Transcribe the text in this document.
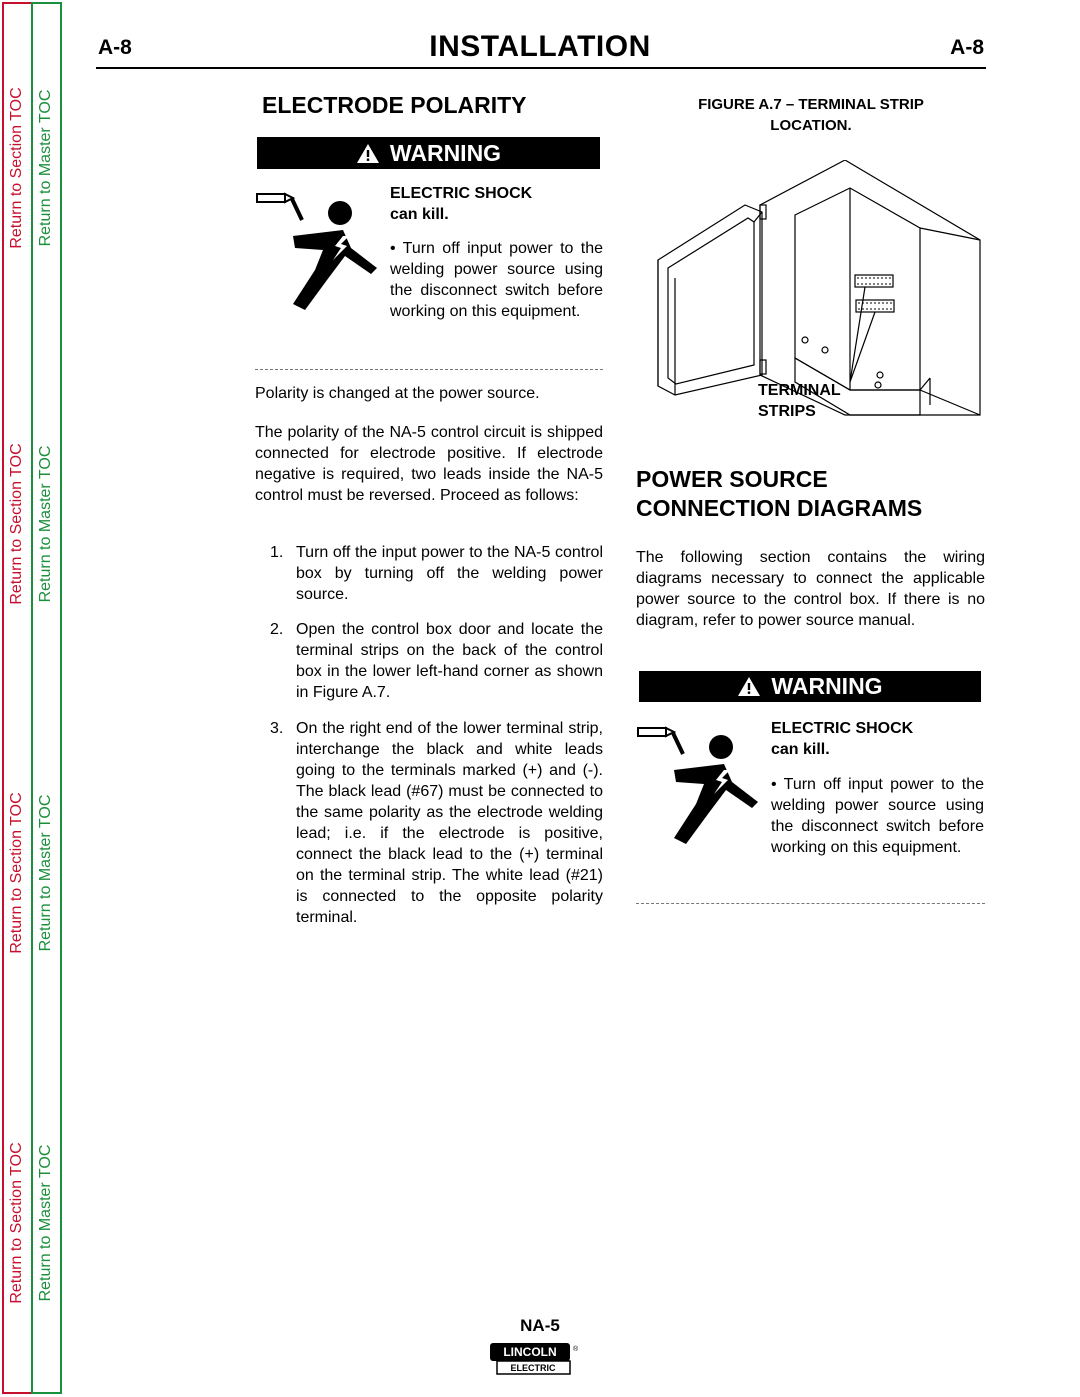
Return to Section TOC
Return to Section TOC
Return to Section TOC
Return to Section TOC
Return to Master TOC
Return to Master TOC
Return to Master TOC
Return to Master TOC
A-8	INSTALLATION	A-8
ELECTRODE POLARITY
WARNING
ELECTRIC SHOCK
can kill.
• Turn off input power to the welding power source using the disconnect switch before working on this equipment.
Polarity is changed at the power source.
The polarity of the NA-5 control circuit is shipped connected for electrode positive. If electrode negative is required, two leads inside the NA-5 control must be reversed. Proceed as follows:
1. Turn off the input power to the NA-5 control box by turning off the welding power source.
2. Open the control box door and locate the terminal strips on the back of the control box in the lower left-hand corner as shown in Figure A.7.
3. On the right end of the lower terminal strip, interchange the black and white leads going to the terminals marked (+) and (-). The black lead (#67) must be connected to the same polarity as the electrode welding lead; i.e. if the electrode is positive, connect the black lead to the (+) terminal on the terminal strip. The white lead (#21) is connected to the opposite polarity terminal.
FIGURE A.7 – TERMINAL STRIP
LOCATION.
TERMINAL
STRIPS
POWER SOURCE
CONNECTION DIAGRAMS
The following section contains the wiring diagrams necessary to connect the applicable power source to the control box. If there is no diagram, refer to power source manual.
WARNING
ELECTRIC SHOCK
can kill.
• Turn off input power to the welding power source using the disconnect switch before working on this equipment.
NA-5
LINCOLN ®
ELECTRIC
